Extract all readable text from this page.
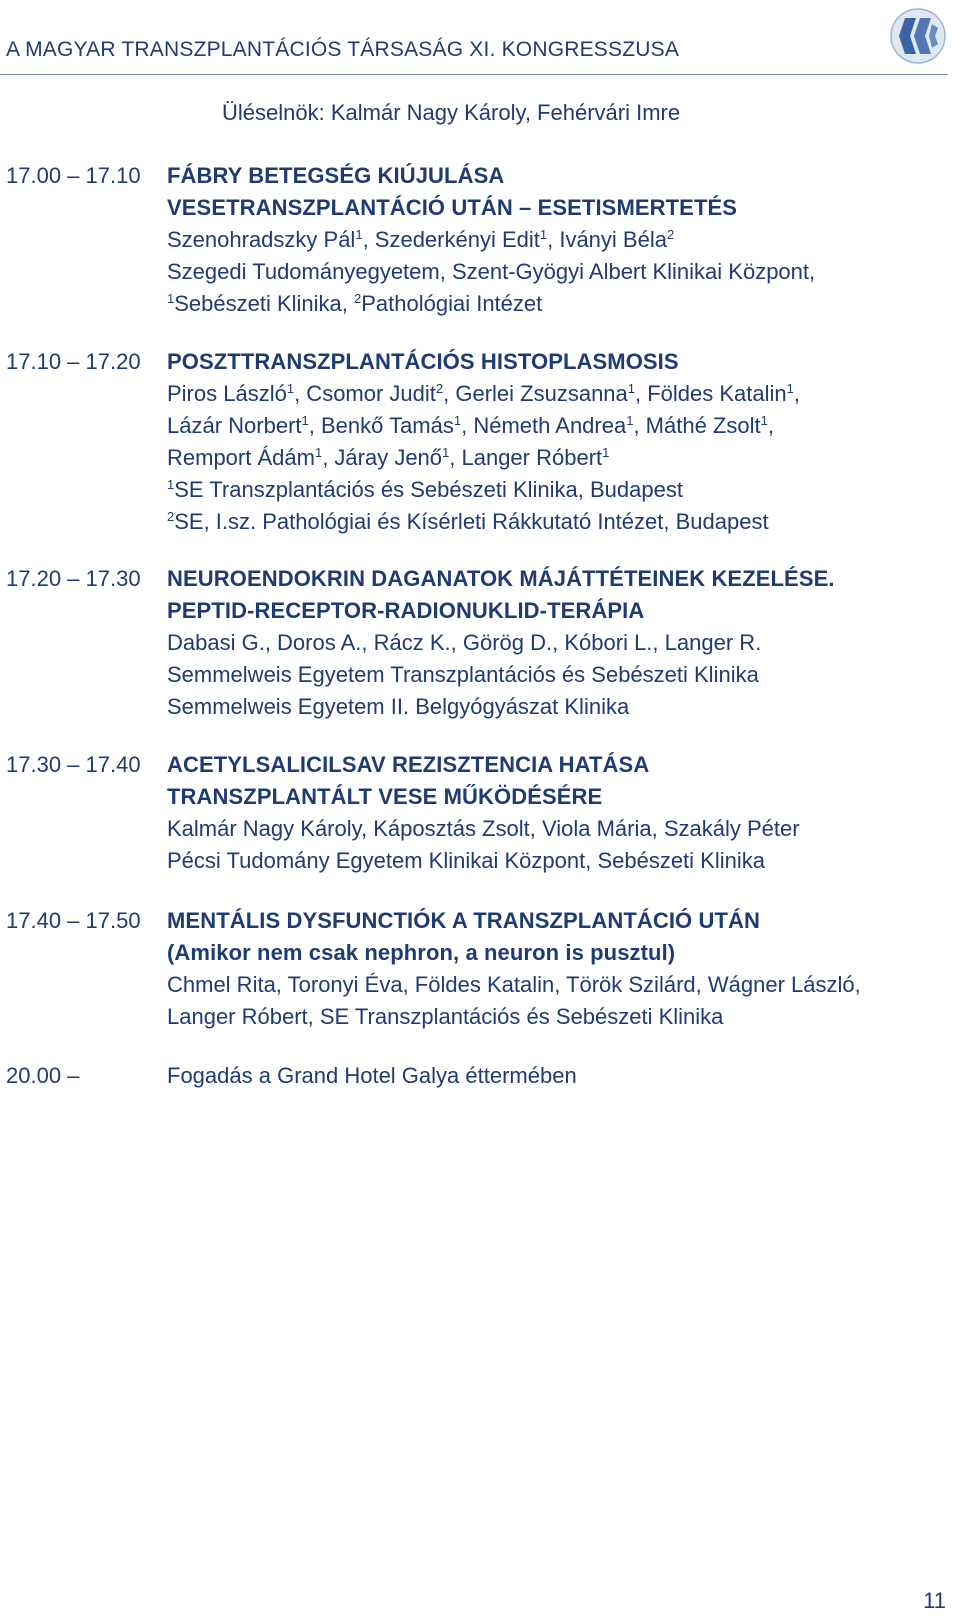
A MAGYAR TRANSZPLANTÁCIÓS TÁRSASÁG XI. KONGRESSZUSA
Üléselnök: Kalmár Nagy Károly, Fehérvári Imre
17.00 – 17.10 FÁBRY BETEGSÉG KIÚJULÁSA
VESETRANSZPLANTÁCIÓ UTÁN – ESETISMERTETÉS
Szenohradszky Pál$^1$, Szederkényi Edit$^1$, Iványi Béla$^2$
Szegedi Tudományegyetem, Szent-Gyögyi Albert Klinikai Központ,
$^1$Sebészeti Klinika, $^2$Pathológiai Intézet
17.10 – 17.20 POSZTTRANSZPLANTÁCIÓS HISTOPLASMOSIS
Piros László$^1$, Csomor Judit$^2$, Gerlei Zsuzsanna$^1$, Földes Katalin$^1$,
Lázár Norbert$^1$, Benkő Tamás$^1$, Németh Andrea$^1$, Máthé Zsolt$^1$,
Remport Ádám$^1$, Járay Jenő$^1$, Langer Róbert$^1$
$^1$SE Transzplantációs és Sebészeti Klinika, Budapest
$^2$SE, I.sz. Pathológiai és Kísérleti Rákkutató Intézet, Budapest
17.20 – 17.30 NEUROENDOKRIN DAGANATOK MÁJÁTTÉTEINEK KEZELÉSE.
PEPTID-RECEPTOR-RADIONUKLID-TERÁPIA
Dabasi G., Doros A., Rácz K., Görög D., Kóbori L., Langer R.
Semmelweis Egyetem Transzplantációs és Sebészeti Klinika
Semmelweis Egyetem II. Belgyógyászat Klinika
17.30 – 17.40 ACETYLSALICILSAV REZISZTENCIA HATÁSA
TRANSZPLANTÁLT VESE MŰKÖDÉSÉRE
Kalmár Nagy Károly, Káposztás Zsolt, Viola Mária, Szakály Péter
Pécsi Tudomány Egyetem Klinikai Központ, Sebészeti Klinika
17.40 – 17.50 MENTÁLIS DYSFUNCTIÓK A TRANSZPLANTÁCIÓ UTÁN
(Amikor nem csak nephron, a neuron is pusztul)
Chmel Rita, Toronyi Éva, Földes Katalin, Török Szilárd, Wágner László,
Langer Róbert, SE Transzplantációs és Sebészeti Klinika
20.00 –	Fogadás a Grand Hotel Galya éttermében
11
